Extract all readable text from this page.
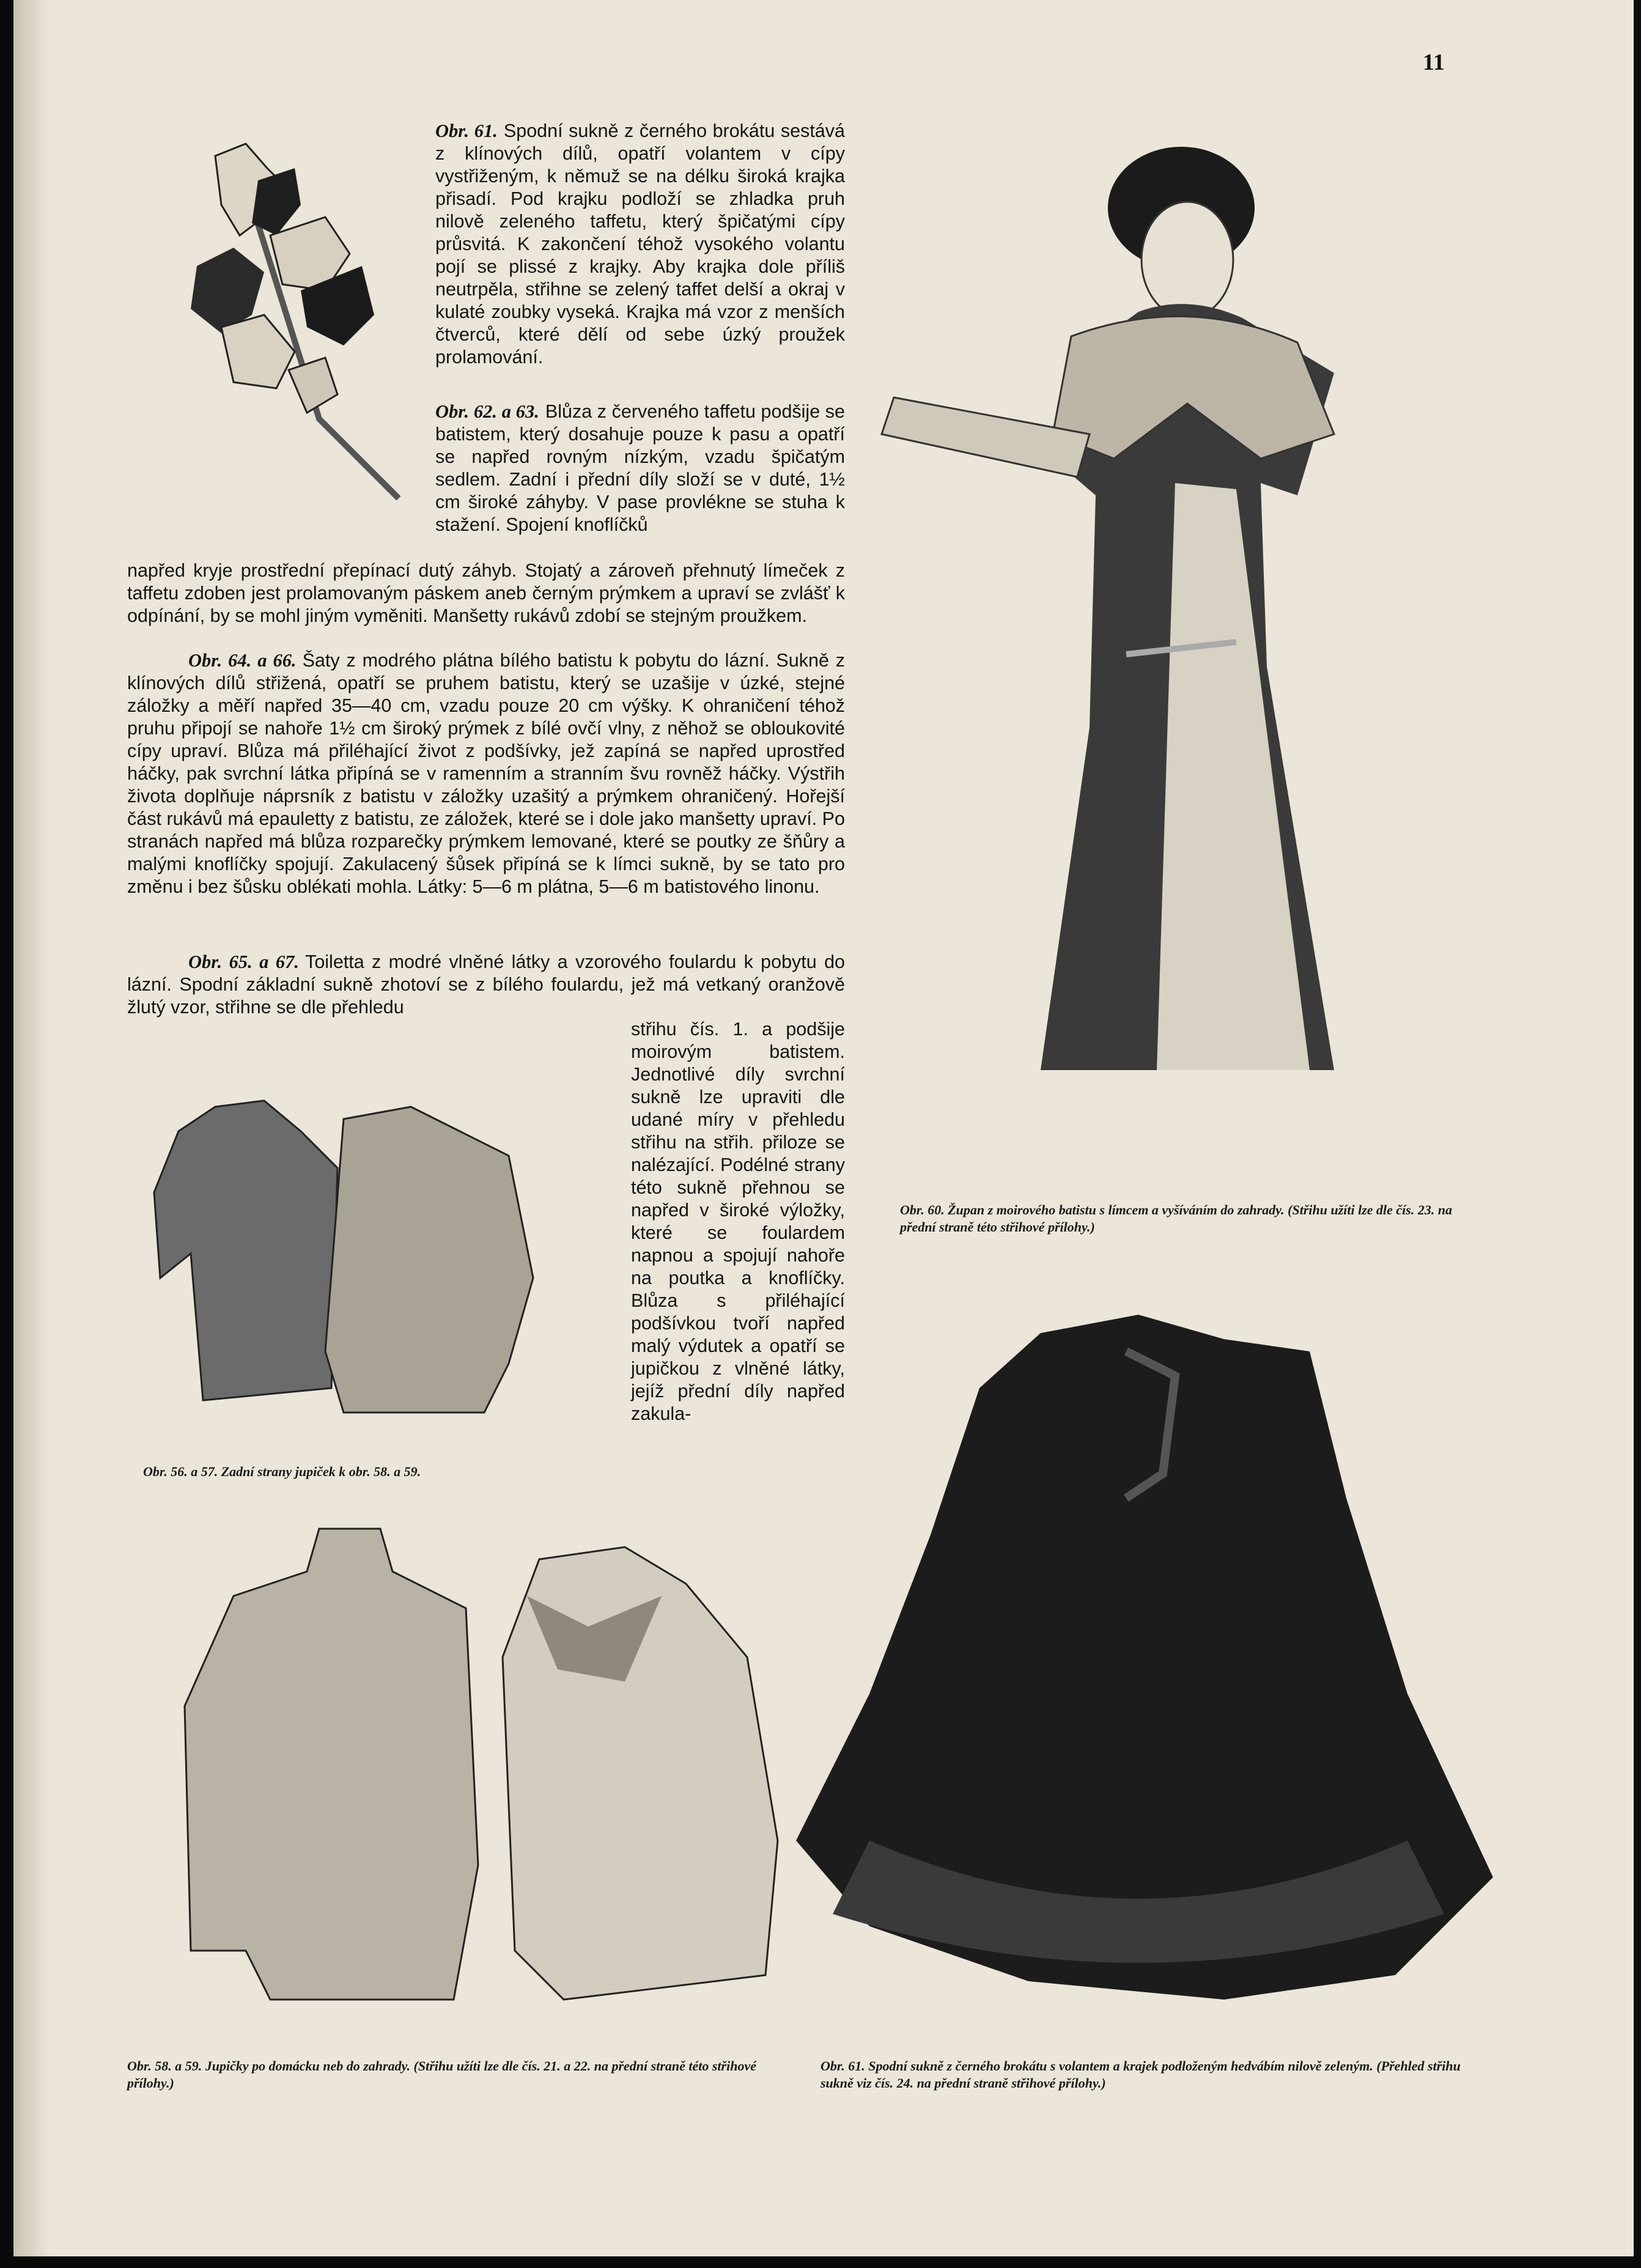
11

Obr. 61. Spodní sukně z černého brokátu sestává z klínových dílů, opatří volantem v cípy vystřiženým, k němuž se na délku široká krajka přisadí. Pod krajku podloží se zhladka pruh nilově zeleného taffetu, který špičatými cípy průsvitá. K zakončení téhož vysokého volantu pojí se plissé z krajky. Aby krajka dole příliš neutrpěla, střihne se zelený taffet delší a okraj v kulaté zoubky vyseká. Krajka má vzor z menších čtverců, které dělí od sebe úzký proužek prolamování.

Obr. 62. a 63. Blůza z červeného taffetu podšije se batistem, který dosahuje pouze k pasu a opatří se napřed rovným nízkým, vzadu špičatým sedlem. Zadní i přední díly složí se v duté, 1½ cm široké záhyby. V pase provlékne se stuha k stažení. Spojení knoflíčků

napřed kryje prostřední přepínací dutý záhyb. Stojatý a zároveň přehnutý límeček z taffetu zdoben jest prolamovaným páskem aneb černým prýmkem a upraví se zvlášť k odpínání, by se mohl jiným vyměniti. Manšetty rukávů zdobí se stejným proužkem.

Obr. 64. a 66. Šaty z modrého plátna bílého batistu k pobytu do lázní. Sukně z klínových dílů střižená, opatří se pruhem batistu, který se uzašije v úzké, stejné záložky a měří napřed 35—40 cm, vzadu pouze 20 cm výšky. K ohraničení téhož pruhu připojí se nahoře 1½ cm široký prýmek z bílé ovčí vlny, z něhož se obloukovité cípy upraví. Blůza má přiléhající život z podšívky, jež zapíná se napřed uprostřed háčky, pak svrchní látka připíná se v ramenním a stranním švu rovněž háčky. Výstřih života doplňuje náprsník z batistu v záložky uzašitý a prýmkem ohraničený. Hořejší část rukávů má epauletty z batistu, ze záložek, které se i dole jako manšetty upraví. Po stranách napřed má blůza rozparečky prýmkem lemované, které se poutky ze šňůry a malými knoflíčky spojují. Zakulacený šůsek připíná se k límci sukně, by se tato pro změnu i bez šůsku oblékati mohla. Látky: 5—6 m plátna, 5—6 m batistového linonu.

Obr. 65. a 67. Toiletta z modré vlněné látky a vzorového foulardu k pobytu do lázní. Spodní základní sukně zhotoví se z bílého foulardu, jež má vetkaný oranžově žlutý vzor, střihne se dle přehledu

střihu čís. 1. a podšije moirovým batistem. Jednotlivé díly svrchní sukně lze upraviti dle udané míry v přehledu střihu na střih. přiloze se nalézající. Podélné strany této sukně přehnou se napřed v široké výložky, které se foulardem napnou a spojují nahoře na poutka a knoflíčky. Blůza s přiléhající podšívkou tvoří napřed malý výdutek a opatří se jupičkou z vlněné látky, jejíž přední díly napřed zakula-

Obr. 60. Župan z moirového batistu s límcem a vyšíváním do zahrady. (Střihu užíti lze dle čís. 23. na přední straně této střihové přílohy.)

Obr. 56. a 57. Zadní strany jupiček k obr. 58. a 59.

Obr. 58. a 59. Jupičky po domácku neb do zahrady. (Střihu užíti lze dle čís. 21. a 22. na přední straně této střihové přílohy.)

Obr. 61. Spodní sukně z černého brokátu s volantem a krajek podloženým hedvábím nilově zeleným. (Přehled střihu sukně viz čís. 24. na přední straně střihové přílohy.)
